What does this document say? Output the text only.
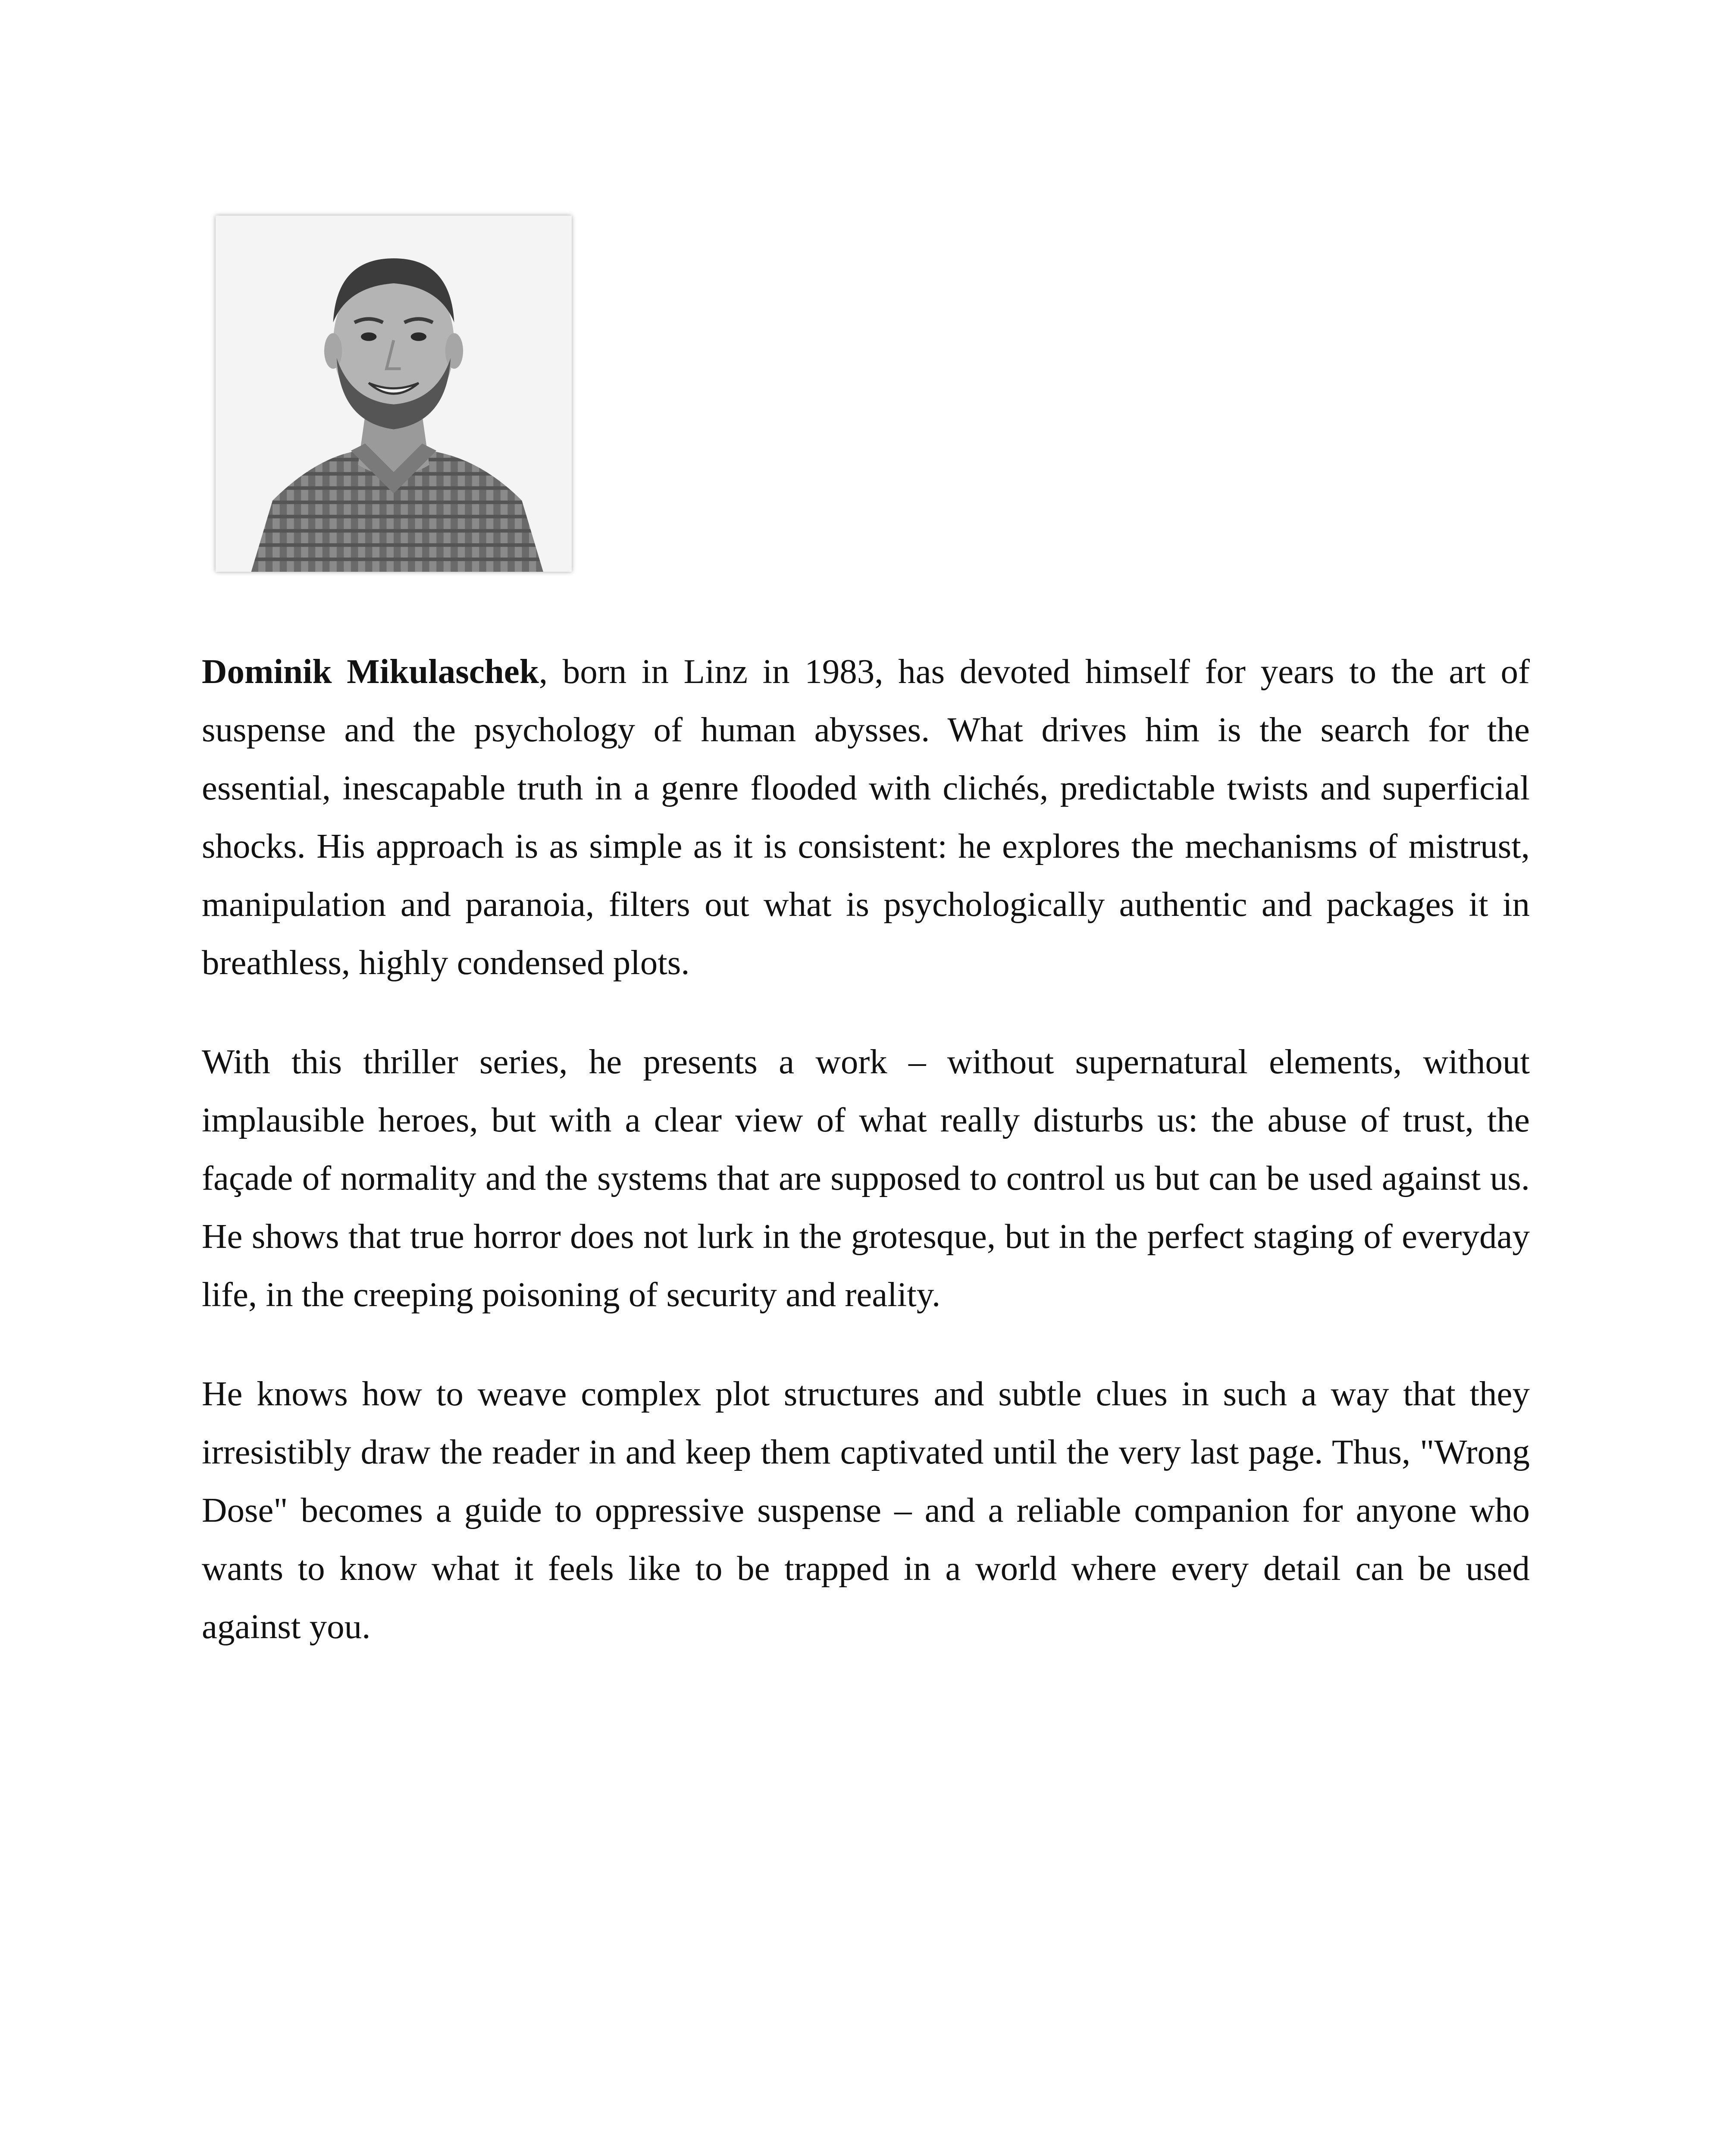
Dominik Mikulaschek, born in Linz in 1983, has devoted himself for years to the art of suspense and the psychology of human abysses. What drives him is the search for the essential, inescapable truth in a genre flooded with clichés, predictable twists and superficial shocks. His approach is as simple as it is consistent: he explores the mechanisms of mistrust, manipulation and paranoia, filters out what is psychologically authentic and packages it in breathless, highly condensed plots.

With this thriller series, he presents a work – without supernatural elements, without implausible heroes, but with a clear view of what really disturbs us: the abuse of trust, the façade of normality and the systems that are supposed to control us but can be used against us. He shows that true horror does not lurk in the grotesque, but in the perfect staging of everyday life, in the creeping poisoning of security and reality.

He knows how to weave complex plot structures and subtle clues in such a way that they irresistibly draw the reader in and keep them captivated until the very last page. Thus, "Wrong Dose" becomes a guide to oppressive suspense – and a reliable companion for anyone who wants to know what it feels like to be trapped in a world where every detail can be used against you.
